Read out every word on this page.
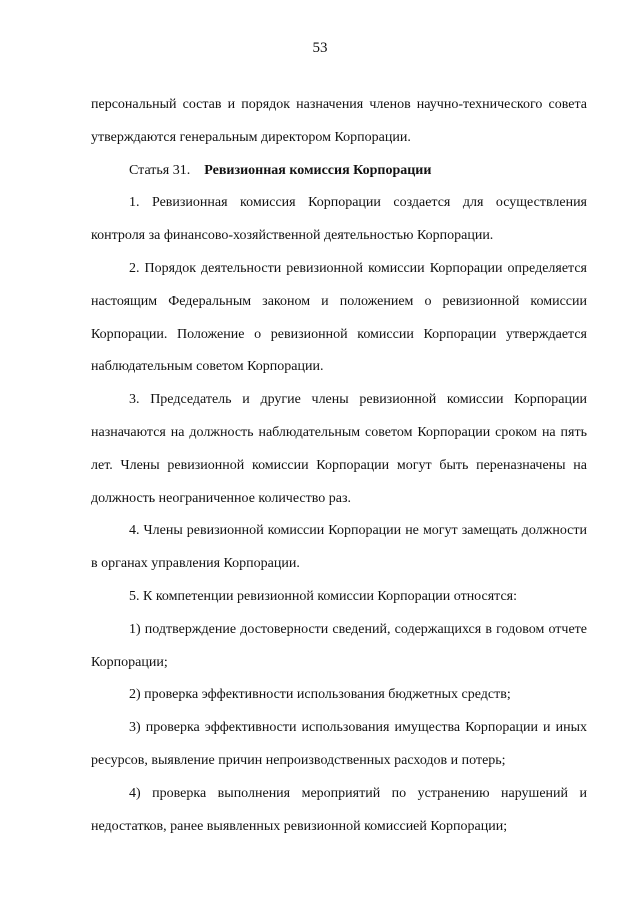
53

персональный состав и порядок назначения членов научно-технического совета утверждаются генеральным директором Корпорации.

Статья 31. Ревизионная комиссия Корпорации

1. Ревизионная комиссия Корпорации создается для осуществления контроля за финансово-хозяйственной деятельностью Корпорации.

2. Порядок деятельности ревизионной комиссии Корпорации определяется настоящим Федеральным законом и положением о ревизионной комиссии Корпорации. Положение о ревизионной комиссии Корпорации утверждается наблюдательным советом Корпорации.

3. Председатель и другие члены ревизионной комиссии Корпорации назначаются на должность наблюдательным советом Корпорации сроком на пять лет. Члены ревизионной комиссии Корпорации могут быть переназначены на должность неограниченное количество раз.

4. Члены ревизионной комиссии Корпорации не могут замещать должности в органах управления Корпорации.

5. К компетенции ревизионной комиссии Корпорации относятся:

1) подтверждение достоверности сведений, содержащихся в годовом отчете Корпорации;

2) проверка эффективности использования бюджетных средств;

3) проверка эффективности использования имущества Корпорации и иных ресурсов, выявление причин непроизводственных расходов и потерь;

4) проверка выполнения мероприятий по устранению нарушений и недостатков, ранее выявленных ревизионной комиссией Корпорации;
